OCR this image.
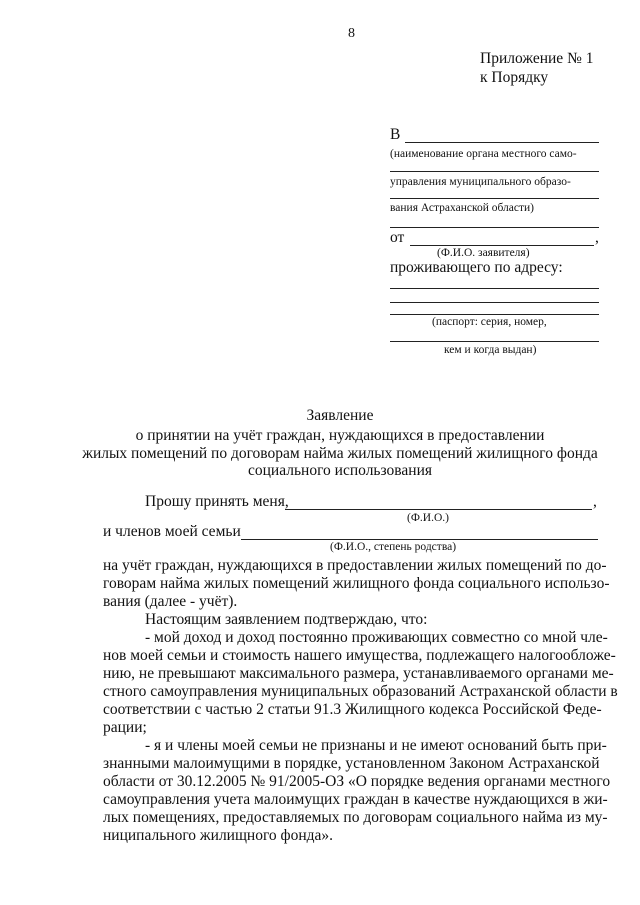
8
Приложение № 1
к Порядку
В
(наименование органа местного само-
управления муниципального образо-
вания Астраханской области)
от	,
(Ф.И.О. заявителя)
проживающего по адресу:
(паспорт: серия, номер,
кем и когда выдан)
Заявление
о принятии на учёт граждан, нуждающихся в предоставлении
жилых помещений по договорам найма жилых помещений жилищного фонда
социального использования
Прошу принять меня,	,
(Ф.И.О.)
и членов моей семьи
(Ф.И.О., степень родства)
на учёт граждан, нуждающихся в предоставлении жилых помещений по до-
говорам найма жилых помещений жилищного фонда социального использо-
вания (далее - учёт).
Настоящим заявлением подтверждаю, что:
- мой доход и доход постоянно проживающих совместно со мной чле-
нов моей семьи и стоимость нашего имущества, подлежащего налогообложе-
нию, не превышают максимального размера, устанавливаемого органами ме-
стного самоуправления муниципальных образований Астраханской области в
соответствии с частью 2 статьи 91.3 Жилищного кодекса Российской Феде-
рации;
- я и члены моей семьи не признаны и не имеют оснований быть при-
знанными малоимущими в порядке, установленном Законом Астраханской
области от 30.12.2005 № 91/2005-ОЗ «О порядке ведения органами местного
самоуправления учета малоимущих граждан в качестве нуждающихся в жи-
лых помещениях, предоставляемых по договорам социального найма из му-
ниципального жилищного фонда».
